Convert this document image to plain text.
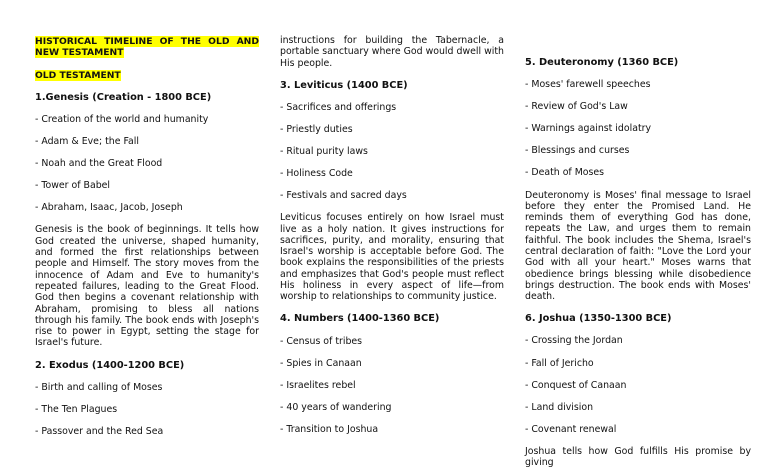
HISTORICAL TIMELINE OF THE OLD AND NEW TESTAMENT
OLD TESTAMENT

1.Genesis (Creation - 1800 BCE)

- Creation of the world and humanity

- Adam & Eve; the Fall

- Noah and the Great Flood

- Tower of Babel

- Abraham, Isaac, Jacob, Joseph

Genesis is the book of beginnings. It tells how God created the universe, shaped humanity, and formed the first relationships between people and Himself. The story moves from the innocence of Adam and Eve to humanity's repeated failures, leading to the Great Flood. God then begins a covenant relationship with Abraham, promising to bless all nations through his family. The book ends with Joseph's rise to power in Egypt, setting the stage for Israel's future.

2. Exodus (1400-1200 BCE)

- Birth and calling of Moses

- The Ten Plagues

- Passover and the Red Sea

instructions for building the Tabernacle, a portable sanctuary where God would dwell with His people.

3. Leviticus (1400 BCE)

- Sacrifices and offerings

- Priestly duties

- Ritual purity laws

- Holiness Code

- Festivals and sacred days

Leviticus focuses entirely on how Israel must live as a holy nation. It gives instructions for sacrifices, purity, and morality, ensuring that Israel's worship is acceptable before God. The book explains the responsibilities of the priests and emphasizes that God's people must reflect His holiness in every aspect of life—from worship to relationships to community justice.

4. Numbers (1400-1360 BCE)

- Census of tribes

- Spies in Canaan

- Israelites rebel

- 40 years of wandering

- Transition to Joshua

5. Deuteronomy (1360 BCE)

- Moses' farewell speeches

- Review of God's Law

- Warnings against idolatry

- Blessings and curses

- Death of Moses

Deuteronomy is Moses' final message to Israel before they enter the Promised Land. He reminds them of everything God has done, repeats the Law, and urges them to remain faithful. The book includes the Shema, Israel's central declaration of faith: "Love the Lord your God with all your heart." Moses warns that obedience brings blessing while disobedience brings destruction. The book ends with Moses' death.

6. Joshua (1350-1300 BCE)

- Crossing the Jordan

- Fall of Jericho

- Conquest of Canaan

- Land division

- Covenant renewal

Joshua tells how God fulfills His promise by giving
